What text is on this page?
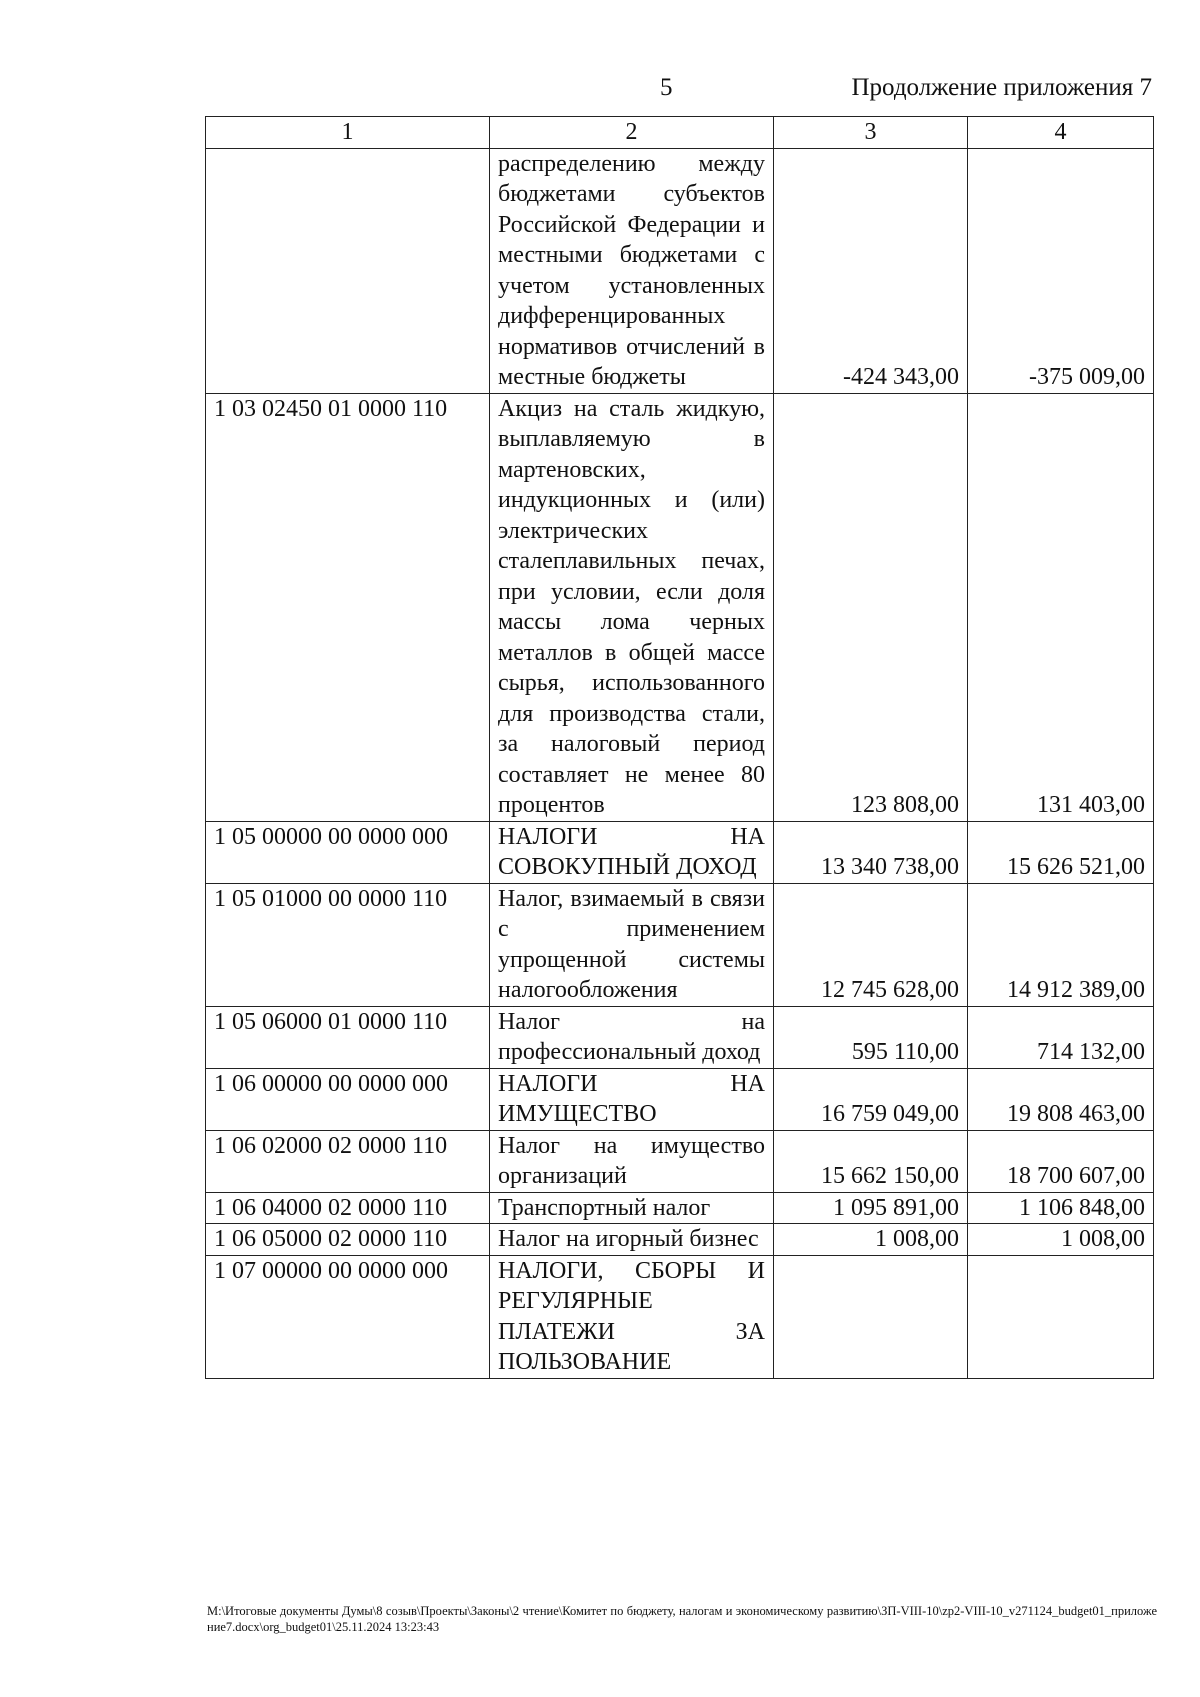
5	Продолжение приложения 7
1	2	3	4
	распределению между бюджетами субъектов Российской Федерации и местными бюджетами с учетом установленных дифференцированных нормативов отчислений в местные бюджеты	-424 343,00	-375 009,00
1 03 02450 01 0000 110	Акциз на сталь жидкую, выплавляемую в мартеновских, индукционных и (или) электрических сталеплавильных печах, при условии, если доля массы лома черных металлов в общей массе сырья, использованного для производства стали, за налоговый период составляет не менее 80 процентов	123 808,00	131 403,00
1 05 00000 00 0000 000	НАЛОГИ НА СОВОКУПНЫЙ ДОХОД	13 340 738,00	15 626 521,00
1 05 01000 00 0000 110	Налог, взимаемый в связи с применением упрощенной системы налогообложения	12 745 628,00	14 912 389,00
1 05 06000 01 0000 110	Налог на профессиональный доход	595 110,00	714 132,00
1 06 00000 00 0000 000	НАЛОГИ НА ИМУЩЕСТВО	16 759 049,00	19 808 463,00
1 06 02000 02 0000 110	Налог на имущество организаций	15 662 150,00	18 700 607,00
1 06 04000 02 0000 110	Транспортный налог	1 095 891,00	1 106 848,00
1 06 05000 02 0000 110	Налог на игорный бизнес	1 008,00	1 008,00
1 07 00000 00 0000 000	НАЛОГИ, СБОРЫ И РЕГУЛЯРНЫЕ ПЛАТЕЖИ ЗА ПОЛЬЗОВАНИЕ		
M:\Итоговые документы Думы\8 созыв\Проекты\Законы\2 чтение\Комитет по бюджету, налогам и экономическому развитию\ЗП-VIII-10\zp2-VIII-10_v271124_budget01_приложение7.docx\org_budget01\25.11.2024 13:23:43
